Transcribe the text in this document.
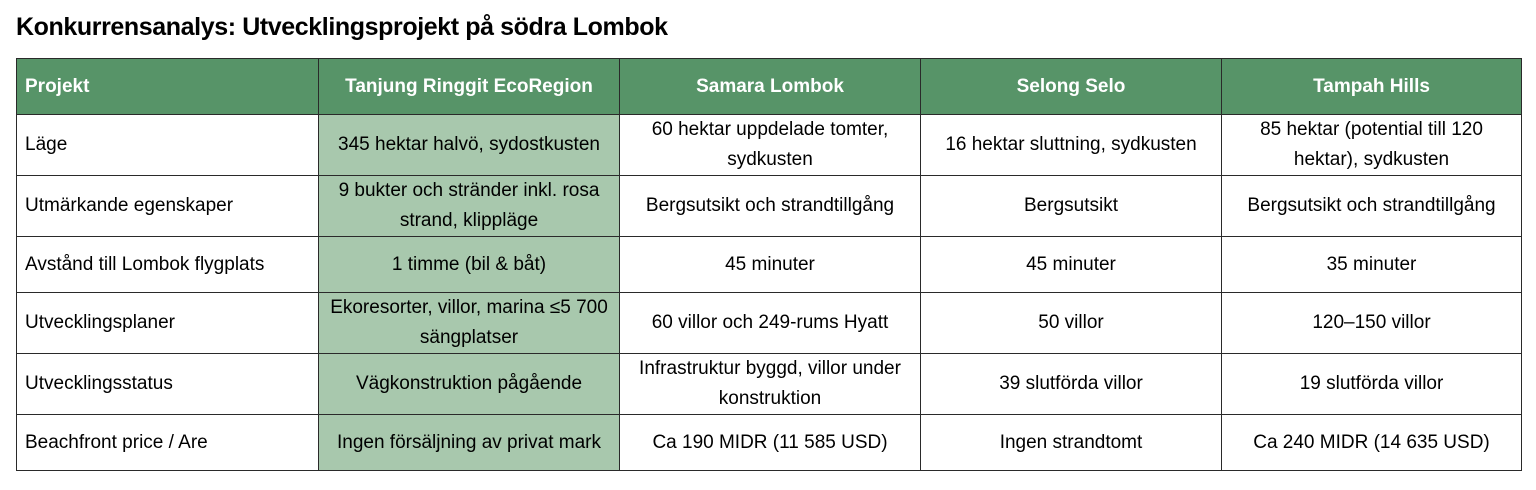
Konkurrensanalys: Utvecklingsprojekt på södra Lombok
Projekt	Tanjung Ringgit EcoRegion	Samara Lombok	Selong Selo	Tampah Hills
Läge	345 hektar halvö, sydostkusten	60 hektar uppdelade tomter, sydkusten	16 hektar sluttning, sydkusten	85 hektar (potential till 120 hektar), sydkusten
Utmärkande egenskaper	9 bukter och stränder inkl. rosa strand, klippläge	Bergsutsikt och strandtillgång	Bergsutsikt	Bergsutsikt och strandtillgång
Avstånd till Lombok flygplats	1 timme (bil & båt)	45 minuter	45 minuter	35 minuter
Utvecklingsplaner	Ekoresorter, villor, marina ≤5 700 sängplatser	60 villor och 249-rums Hyatt	50 villor	120–150 villor
Utvecklingsstatus	Vägkonstruktion pågående	Infrastruktur byggd, villor under konstruktion	39 slutförda villor	19 slutförda villor
Beachfront price / Are	Ingen försäljning av privat mark	Ca 190 MIDR (11 585 USD)	Ingen strandtomt	Ca 240 MIDR (14 635 USD)
